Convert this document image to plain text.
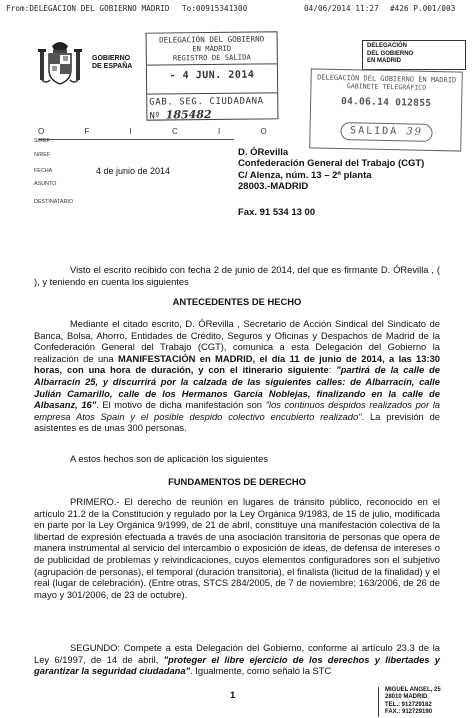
From:DELEGACION DEL GOBIERNO MADRID To:00915341300	04/06/2014 11:27 #426 P.001/003
GOBIERNO
DE ESPAÑA
DELEGACIÓN DEL GOBIERNO
EN MADRID
REGISTRO DE SALIDA
- 4 JUN. 2014
GAB. SEG. CIUDADANA
Nº 185482
DELEGACIÓN
DEL GOBIERNO
EN MADRID
DELEGACIÓN DEL GOBIERNO EN MADRID
GABINETE TELEGRÁFICO
04.06.14 012855
SALIDA 39
O F I C I O
S/REF.
N/REF.
FECHA
ASUNTO
DESTINATARIO
4 de junio de 2014
D. ÓRevilla
Confederación General del Trabajo (CGT)
C/ Alenza, núm. 13 – 2ª planta
28003.-MADRID
Fax. 91 534 13 00
Visto el escrito recibido con fecha 2 de junio de 2014, del que es firmante D. ÓRevilla , ( ), y teniendo en cuenta los siguientes
ANTECEDENTES DE HECHO
Mediante el citado escrito, D. ÓRevilla , Secretario de Acción Sindical del Sindicato de Banca, Bolsa, Ahorro, Entidades de Crédito, Seguros y Oficinas y Despachos de Madrid de la Confederación General del Trabajo (CGT), comunica a esta Delegación del Gobierno la realización de una MANIFESTACIÓN en MADRID, el día 11 de junio de 2014, a las 13:30 horas, con una hora de duración, y con el itinerario siguiente: "partirá de la calle de Albarracín 25, y discurrirá por la calzada de las siguientes calles: de Albarracín, calle Julián Camarillo, calle de los Hermanos García Noblejas, finalizando en la calle de Albasanz, 16". El motivo de dicha manifestación son "los continuos despidos realizados por la empresa Atos Spain y el posible despido colectivo encubierto realizado". La previsión de asistentes es de unas 300 personas.
A estos hechos son de aplicación los siguientes
FUNDAMENTOS DE DERECHO
PRIMERO.- El derecho de reunión en lugares de tránsito público, reconocido en el artículo 21.2 de la Constitución y regulado por la Ley Orgánica 9/1983, de 15 de julio, modificada en parte por la Ley Orgánica 9/1999, de 21 de abril, constituye una manifestación colectiva de la libertad de expresión efectuada a través de una asociación transitoria de personas que opera de manera instrumental al servicio del intercambio o exposición de ideas, de defensa de intereses o de publicidad de problemas y reivindicaciones, cuyos elementos configuradores son el subjetivo (agrupación de personas), el temporal (duración transitoria), el finalista (licitud de la finalidad) y el real (lugar de celebración). (Entre otras, STCS 284/2005, de 7 de noviembre; 163/2006, de 26 de mayo y 301/2006, de 23 de octubre).
SEGUNDO: Compete a esta Delegación del Gobierno, conforme al artículo 23.3 de la Ley 6/1997, de 14 de abril, "proteger el libre ejercicio de los derechos y libertades y garantizar la seguridad ciudadana". Igualmente, como señaló la STC
1	MIGUEL ANGEL, 25
28010 MADRID
TEL.: 912729182
FAX.: 912729190
